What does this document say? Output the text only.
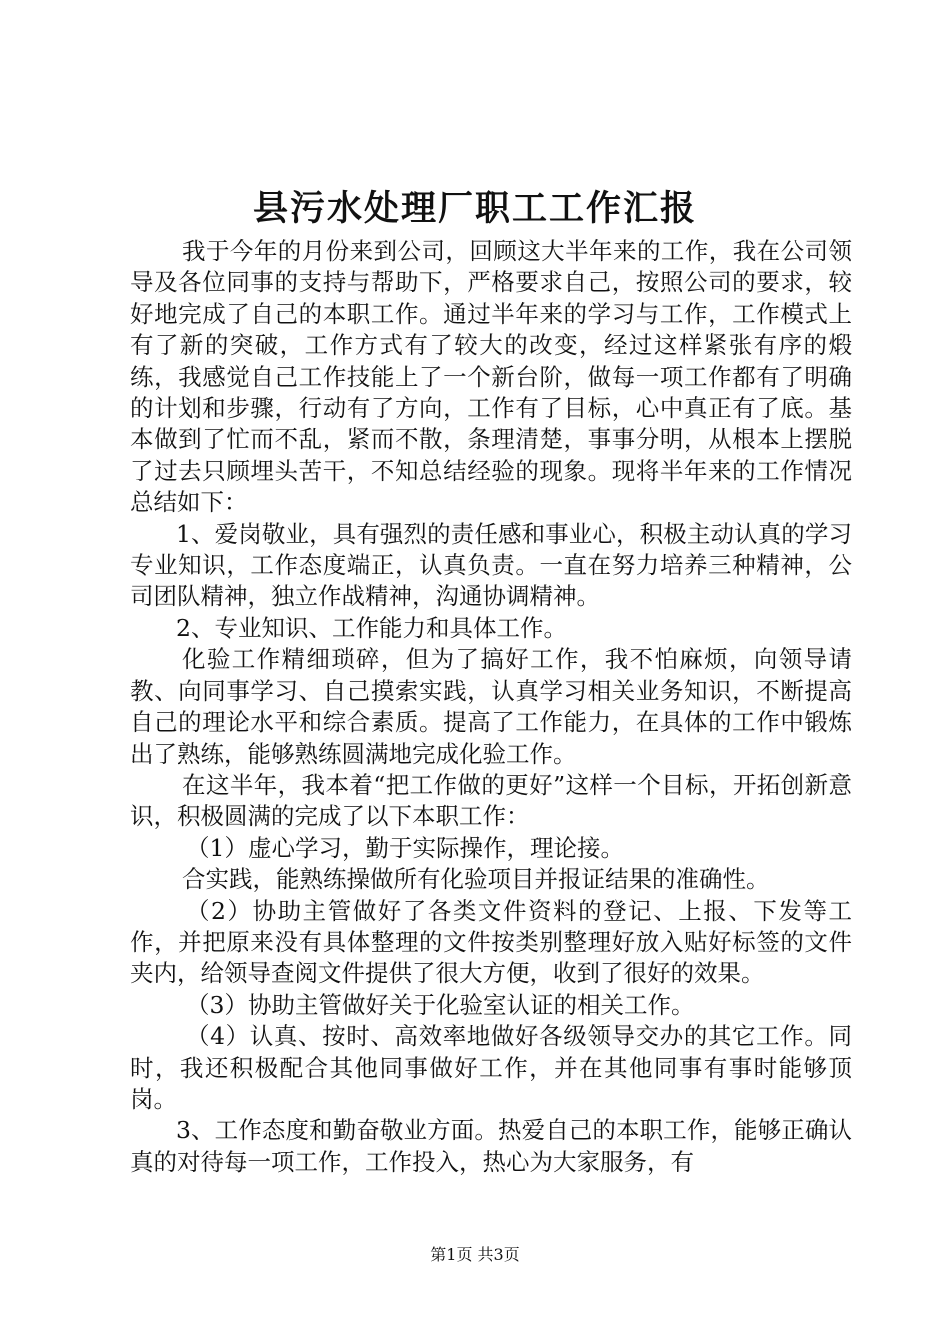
县污水处理厂职工工作汇报

我于今年的月份来到公司，回顾这大半年来的工作，我在公司领导及各位同事的支持与帮助下，严格要求自己，按照公司的要求，较好地完成了自己的本职工作。通过半年来的学习与工作，工作模式上有了新的突破，工作方式有了较大的改变，经过这样紧张有序的煅练，我感觉自己工作技能上了一个新台阶，做每一项工作都有了明确的计划和步骤，行动有了方向，工作有了目标，心中真正有了底。基本做到了忙而不乱，紧而不散，条理清楚，事事分明，从根本上摆脱了过去只顾埋头苦干，不知总结经验的现象。现将半年来的工作情况总结如下：

1、爱岗敬业，具有强烈的责任感和事业心，积极主动认真的学习专业知识，工作态度端正，认真负责。一直在努力培养三种精神，公司团队精神，独立作战精神，沟通协调精神。

2、专业知识、工作能力和具体工作。

化验工作精细琐碎，但为了搞好工作，我不怕麻烦，向领导请教、向同事学习、自己摸索实践，认真学习相关业务知识，不断提高自己的理论水平和综合素质。提高了工作能力，在具体的工作中锻炼出了熟练，能够熟练圆满地完成化验工作。

在这半年，我本着“把工作做的更好”这样一个目标，开拓创新意识，积极圆满的完成了以下本职工作：

（1）虚心学习，勤于实际操作，理论接。

合实践，能熟练操做所有化验项目并报证结果的准确性。

（2）协助主管做好了各类文件资料的登记、上报、下发等工作，并把原来没有具体整理的文件按类别整理好放入贴好标签的文件夹内，给领导查阅文件提供了很大方便，收到了很好的效果。

（3）协助主管做好关于化验室认证的相关工作。

（4）认真、按时、高效率地做好各级领导交办的其它工作。同时，我还积极配合其他同事做好工作，并在其他同事有事时能够顶岗。

3、工作态度和勤奋敬业方面。热爱自己的本职工作，能够正确认真的对待每一项工作，工作投入，热心为大家服务，有

第1页 共3页
